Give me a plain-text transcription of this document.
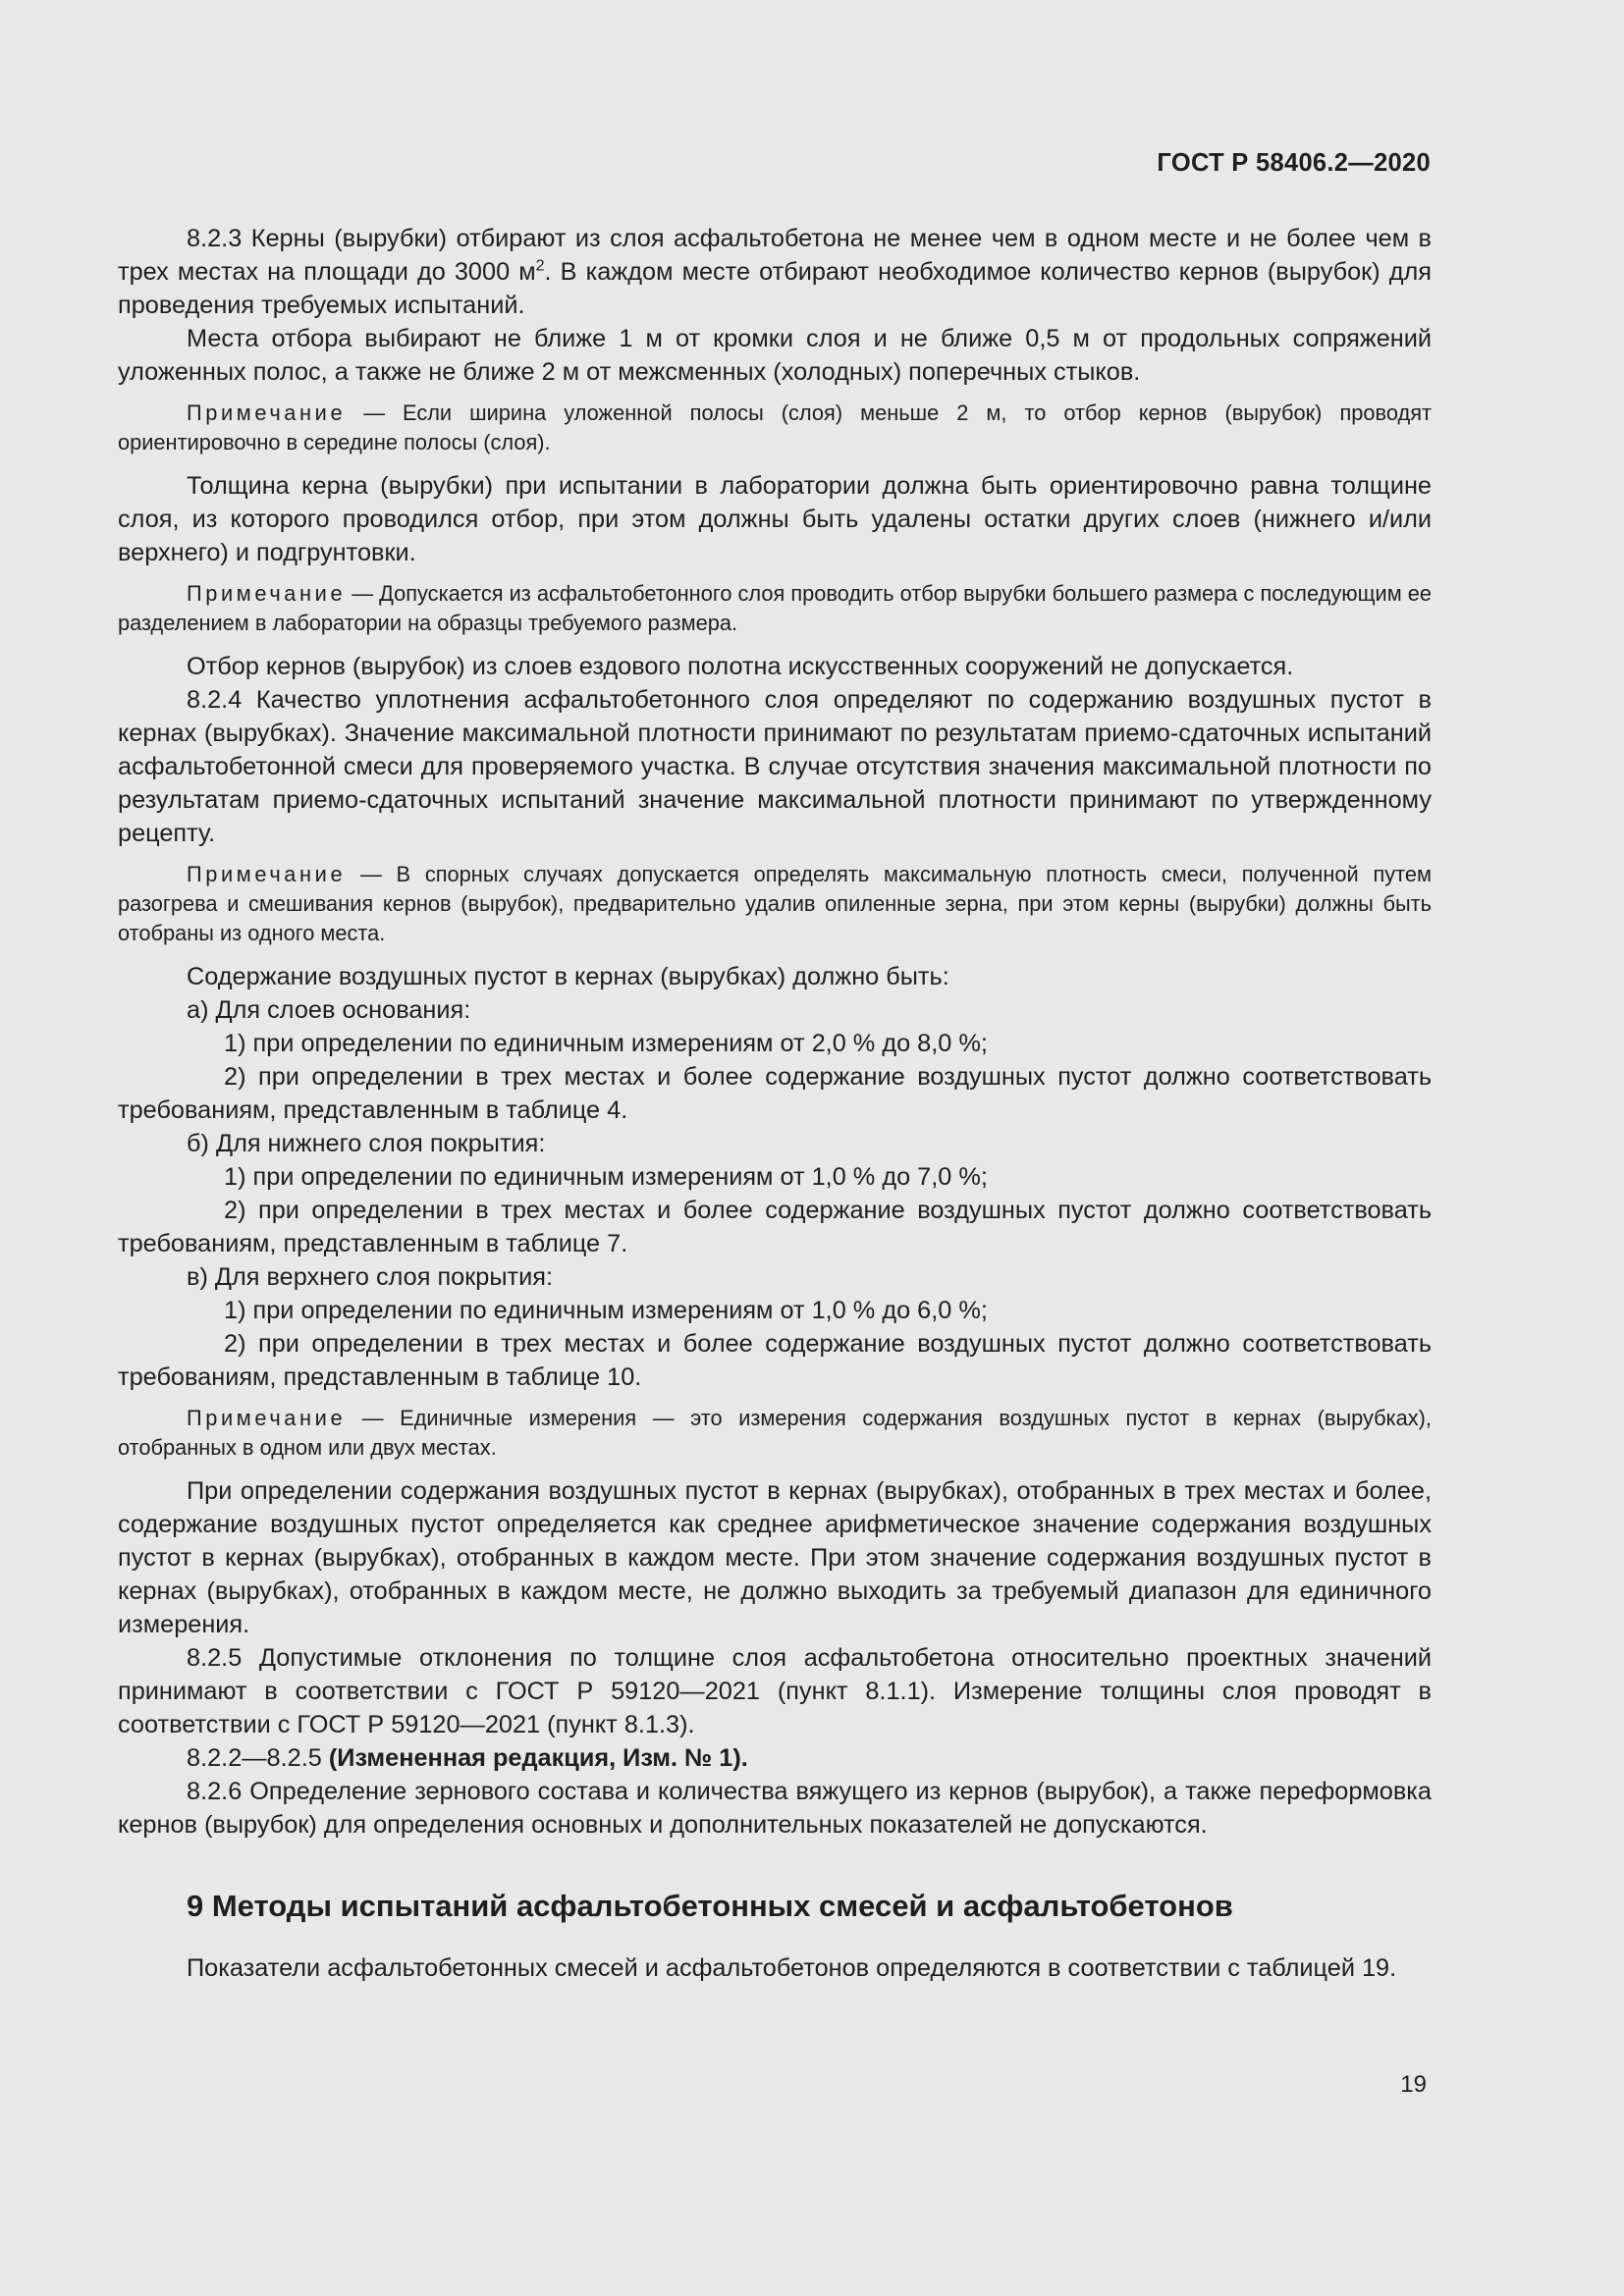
ГОСТ Р 58406.2—2020

8.2.3 Керны (вырубки) отбирают из слоя асфальтобетона не менее чем в одном месте и не более чем в трех местах на площади до 3000 $м^2$. В каждом месте отбирают необходимое количество кернов (вырубок) для проведения требуемых испытаний.

Места отбора выбирают не ближе 1 м от кромки слоя и не ближе 0,5 м от продольных сопряжений уложенных полос, а также не ближе 2 м от межсменных (холодных) поперечных стыков.

Примечание — Если ширина уложенной полосы (слоя) меньше 2 м, то отбор кернов (вырубок) проводят ориентировочно в середине полосы (слоя).

Толщина керна (вырубки) при испытании в лаборатории должна быть ориентировочно равна толщине слоя, из которого проводился отбор, при этом должны быть удалены остатки других слоев (нижнего и/или верхнего) и подгрунтовки.

Примечание — Допускается из асфальтобетонного слоя проводить отбор вырубки большего размера с последующим ее разделением в лаборатории на образцы требуемого размера.

Отбор кернов (вырубок) из слоев ездового полотна искусственных сооружений не допускается.

8.2.4 Качество уплотнения асфальтобетонного слоя определяют по содержанию воздушных пустот в кернах (вырубках). Значение максимальной плотности принимают по результатам приемо-сдаточных испытаний асфальтобетонной смеси для проверяемого участка. В случае отсутствия значения максимальной плотности по результатам приемо-сдаточных испытаний значение максимальной плотности принимают по утвержденному рецепту.

Примечание — В спорных случаях допускается определять максимальную плотность смеси, полученной путем разогрева и смешивания кернов (вырубок), предварительно удалив опиленные зерна, при этом керны (вырубки) должны быть отобраны из одного места.

Содержание воздушных пустот в кернах (вырубках) должно быть:

а) Для слоев основания:

1) при определении по единичным измерениям от 2,0 % до 8,0 %;

2) при определении в трех местах и более содержание воздушных пустот должно соответствовать требованиям, представленным в таблице 4.

б) Для нижнего слоя покрытия:

1) при определении по единичным измерениям от 1,0 % до 7,0 %;

2) при определении в трех местах и более содержание воздушных пустот должно соответствовать требованиям, представленным в таблице 7.

в) Для верхнего слоя покрытия:

1) при определении по единичным измерениям от 1,0 % до 6,0 %;

2) при определении в трех местах и более содержание воздушных пустот должно соответствовать требованиям, представленным в таблице 10.

Примечание — Единичные измерения — это измерения содержания воздушных пустот в кернах (вырубках), отобранных в одном или двух местах.

При определении содержания воздушных пустот в кернах (вырубках), отобранных в трех местах и более, содержание воздушных пустот определяется как среднее арифметическое значение содержания воздушных пустот в кернах (вырубках), отобранных в каждом месте. При этом значение содержания воздушных пустот в кернах (вырубках), отобранных в каждом месте, не должно выходить за требуемый диапазон для единичного измерения.

8.2.5 Допустимые отклонения по толщине слоя асфальтобетона относительно проектных значений принимают в соответствии с ГОСТ Р 59120—2021 (пункт 8.1.1). Измерение толщины слоя проводят в соответствии с ГОСТ Р 59120—2021 (пункт 8.1.3).

8.2.2—8.2.5 (Измененная редакция, Изм. № 1).

8.2.6 Определение зернового состава и количества вяжущего из кернов (вырубок), а также переформовка кернов (вырубок) для определения основных и дополнительных показателей не допускаются.

9 Методы испытаний асфальтобетонных смесей и асфальтобетонов

Показатели асфальтобетонных смесей и асфальтобетонов определяются в соответствии с таблицей 19.

19
